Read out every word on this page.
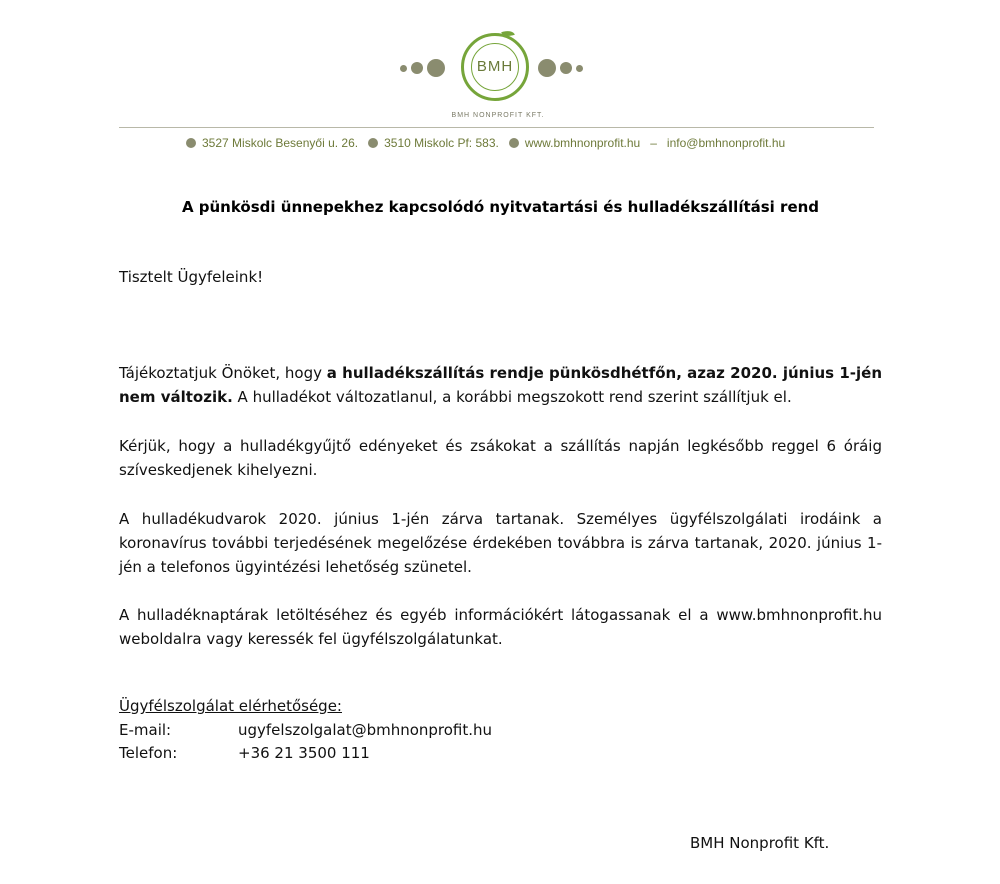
BMH
BMH NONPROFIT KFT.
3527 Miskolc Besenyői u. 26. 3510 Miskolc Pf: 583. www.bmhnonprofit.hu – info@bmhnonprofit.hu
A pünkösdi ünnepekhez kapcsolódó nyitvatartási és hulladékszállítási rend
Tisztelt Ügyfeleink!
Tájékoztatjuk Önöket, hogy a hulladékszállítás rendje pünkösdhétfőn, azaz 2020. június 1-jén nem változik. A hulladékot változatlanul, a korábbi megszokott rend szerint szállítjuk el.
Kérjük, hogy a hulladékgyűjtő edényeket és zsákokat a szállítás napján legkésőbb reggel 6 óráig szíveskedjenek kihelyezni.
A hulladékudvarok 2020. június 1-jén zárva tartanak. Személyes ügyfélszolgálati irodáink a koronavírus további terjedésének megelőzése érdekében továbbra is zárva tartanak, 2020. június 1-jén a telefonos ügyintézési lehetőség szünetel.
A hulladéknaptárak letöltéséhez és egyéb információkért látogassanak el a www.bmhnonprofit.hu weboldalra vagy keressék fel ügyfélszolgálatunkat.
Ügyfélszolgálat elérhetősége:
E-mail:	ugyfelszolgalat@bmhnonprofit.hu
Telefon:	+36 21 3500 111
BMH Nonprofit Kft.
